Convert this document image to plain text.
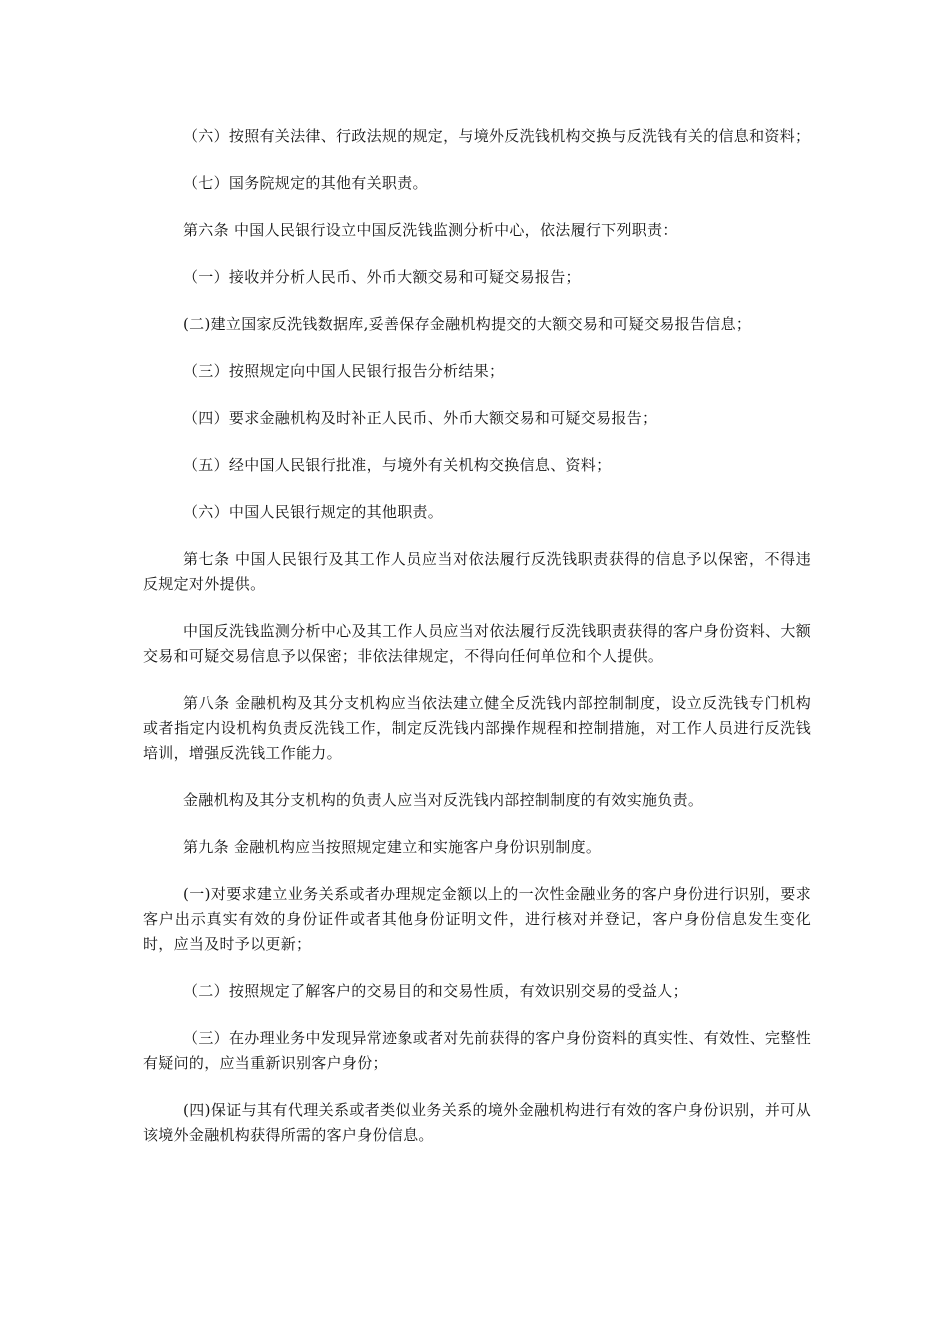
（六）按照有关法律、行政法规的规定，与境外反洗钱机构交换与反洗钱有关的信息和资料；

（七）国务院规定的其他有关职责。

第六条 中国人民银行设立中国反洗钱监测分析中心，依法履行下列职责：

（一）接收并分析人民币、外币大额交易和可疑交易报告；

(二)建立国家反洗钱数据库,妥善保存金融机构提交的大额交易和可疑交易报告信息；

（三）按照规定向中国人民银行报告分析结果；

（四）要求金融机构及时补正人民币、外币大额交易和可疑交易报告；

（五）经中国人民银行批准，与境外有关机构交换信息、资料；

（六）中国人民银行规定的其他职责。

第七条 中国人民银行及其工作人员应当对依法履行反洗钱职责获得的信息予以保密，不得违反规定对外提供。

中国反洗钱监测分析中心及其工作人员应当对依法履行反洗钱职责获得的客户身份资料、大额交易和可疑交易信息予以保密；非依法律规定，不得向任何单位和个人提供。

第八条 金融机构及其分支机构应当依法建立健全反洗钱内部控制制度，设立反洗钱专门机构或者指定内设机构负责反洗钱工作，制定反洗钱内部操作规程和控制措施，对工作人员进行反洗钱培训，增强反洗钱工作能力。

金融机构及其分支机构的负责人应当对反洗钱内部控制制度的有效实施负责。

第九条 金融机构应当按照规定建立和实施客户身份识别制度。

(一)对要求建立业务关系或者办理规定金额以上的一次性金融业务的客户身份进行识别，要求客户出示真实有效的身份证件或者其他身份证明文件，进行核对并登记，客户身份信息发生变化时，应当及时予以更新；

（二）按照规定了解客户的交易目的和交易性质，有效识别交易的受益人；

（三）在办理业务中发现异常迹象或者对先前获得的客户身份资料的真实性、有效性、完整性有疑问的，应当重新识别客户身份；

(四)保证与其有代理关系或者类似业务关系的境外金融机构进行有效的客户身份识别，并可从该境外金融机构获得所需的客户身份信息。
